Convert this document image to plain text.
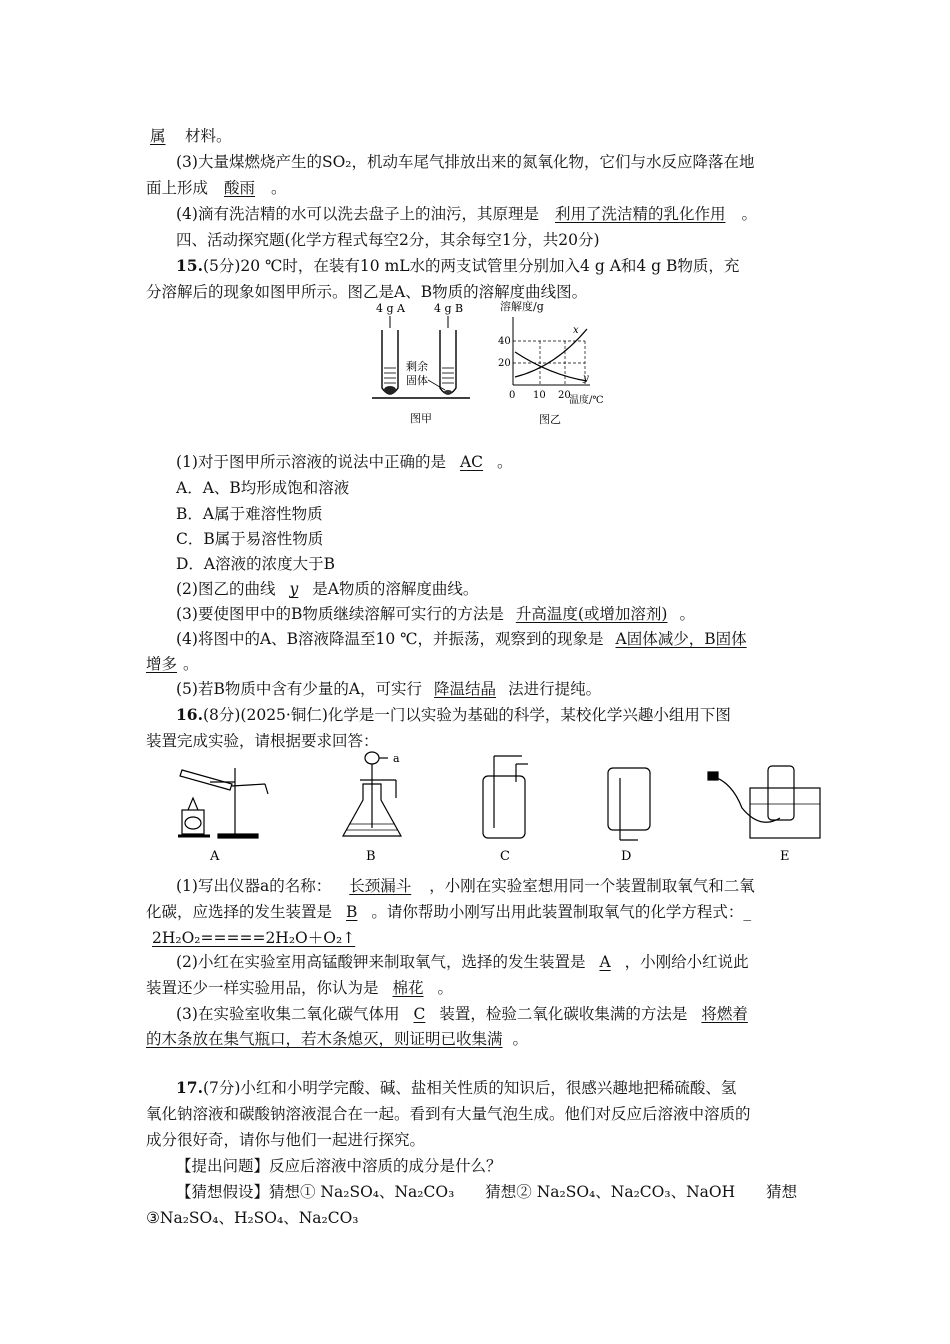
属　 材料。
(3)大量煤燃烧产生的SO₂，机动车尾气排放出来的氮氧化物，它们与水反应降落在地
面上形成 酸雨 。
(4)滴有洗洁精的水可以洗去盘子上的油污，其原理是 利用了洗洁精的乳化作用 。
四、活动探究题(化学方程式每空2分，其余每空1分，共20分)
15.(5分)20 ℃时，在装有10 mL水的两支试管里分别加入4 g A和4 g B物质，充
分溶解后的现象如图甲所示。图乙是A、B物质的溶解度曲线图。
4 g A	4 g B
剩余
固体
图甲
溶解度/g
40
20
x
y
0 10 20
温度/℃
图乙
(1)对于图甲所示溶液的说法中正确的是 AC 。
A．A、B均形成饱和溶液
B．A属于难溶性物质
C．B属于易溶性物质
D．A溶液的浓度大于B
(2)图乙的曲线 y 是A物质的溶解度曲线。
(3)要使图甲中的B物质继续溶解可实行的方法是 升高温度(或增加溶剂) 。
(4)将图中的A、B溶液降温至10 ℃，并振荡，观察到的现象是 A固体减少，B固体
增多 。
(5)若B物质中含有少量的A，可实行 降温结晶 法进行提纯。
16.(8分)(2025·铜仁)化学是一门以实验为基础的科学，某校化学兴趣小组用下图
装置完成实验，请根据要求回答：
A
a
B	C	D	E
(1)写出仪器a的名称： 长颈漏斗 ，小刚在实验室想用同一个装置制取氧气和二氧
化碳，应选择的发生装置是 B 。请你帮助小刚写出用此装置制取氧气的化学方程式：_
2H₂O₂=====2H₂O＋O₂↑
(2)小红在实验室用高锰酸钾来制取氧气，选择的发生装置是 A ，小刚给小红说此
装置还少一样实验用品，你认为是 棉花 。
(3)在实验室收集二氧化碳气体用 C 装置，检验二氧化碳收集满的方法是 将燃着
的木条放在集气瓶口，若木条熄灭，则证明已收集满 。
17.(7分)小红和小明学完酸、碱、盐相关性质的知识后，很感兴趣地把稀硫酸、氢
氧化钠溶液和碳酸钠溶液混合在一起。看到有大量气泡生成。他们对反应后溶液中溶质的
成分很好奇，请你与他们一起进行探究。
【提出问题】反应后溶液中溶质的成分是什么？
【猜想假设】猜想① Na₂SO₄、Na₂CO₃　　猜想② Na₂SO₄、Na₂CO₃、NaOH　　猜想
③Na₂SO₄、H₂SO₄、Na₂CO₃
